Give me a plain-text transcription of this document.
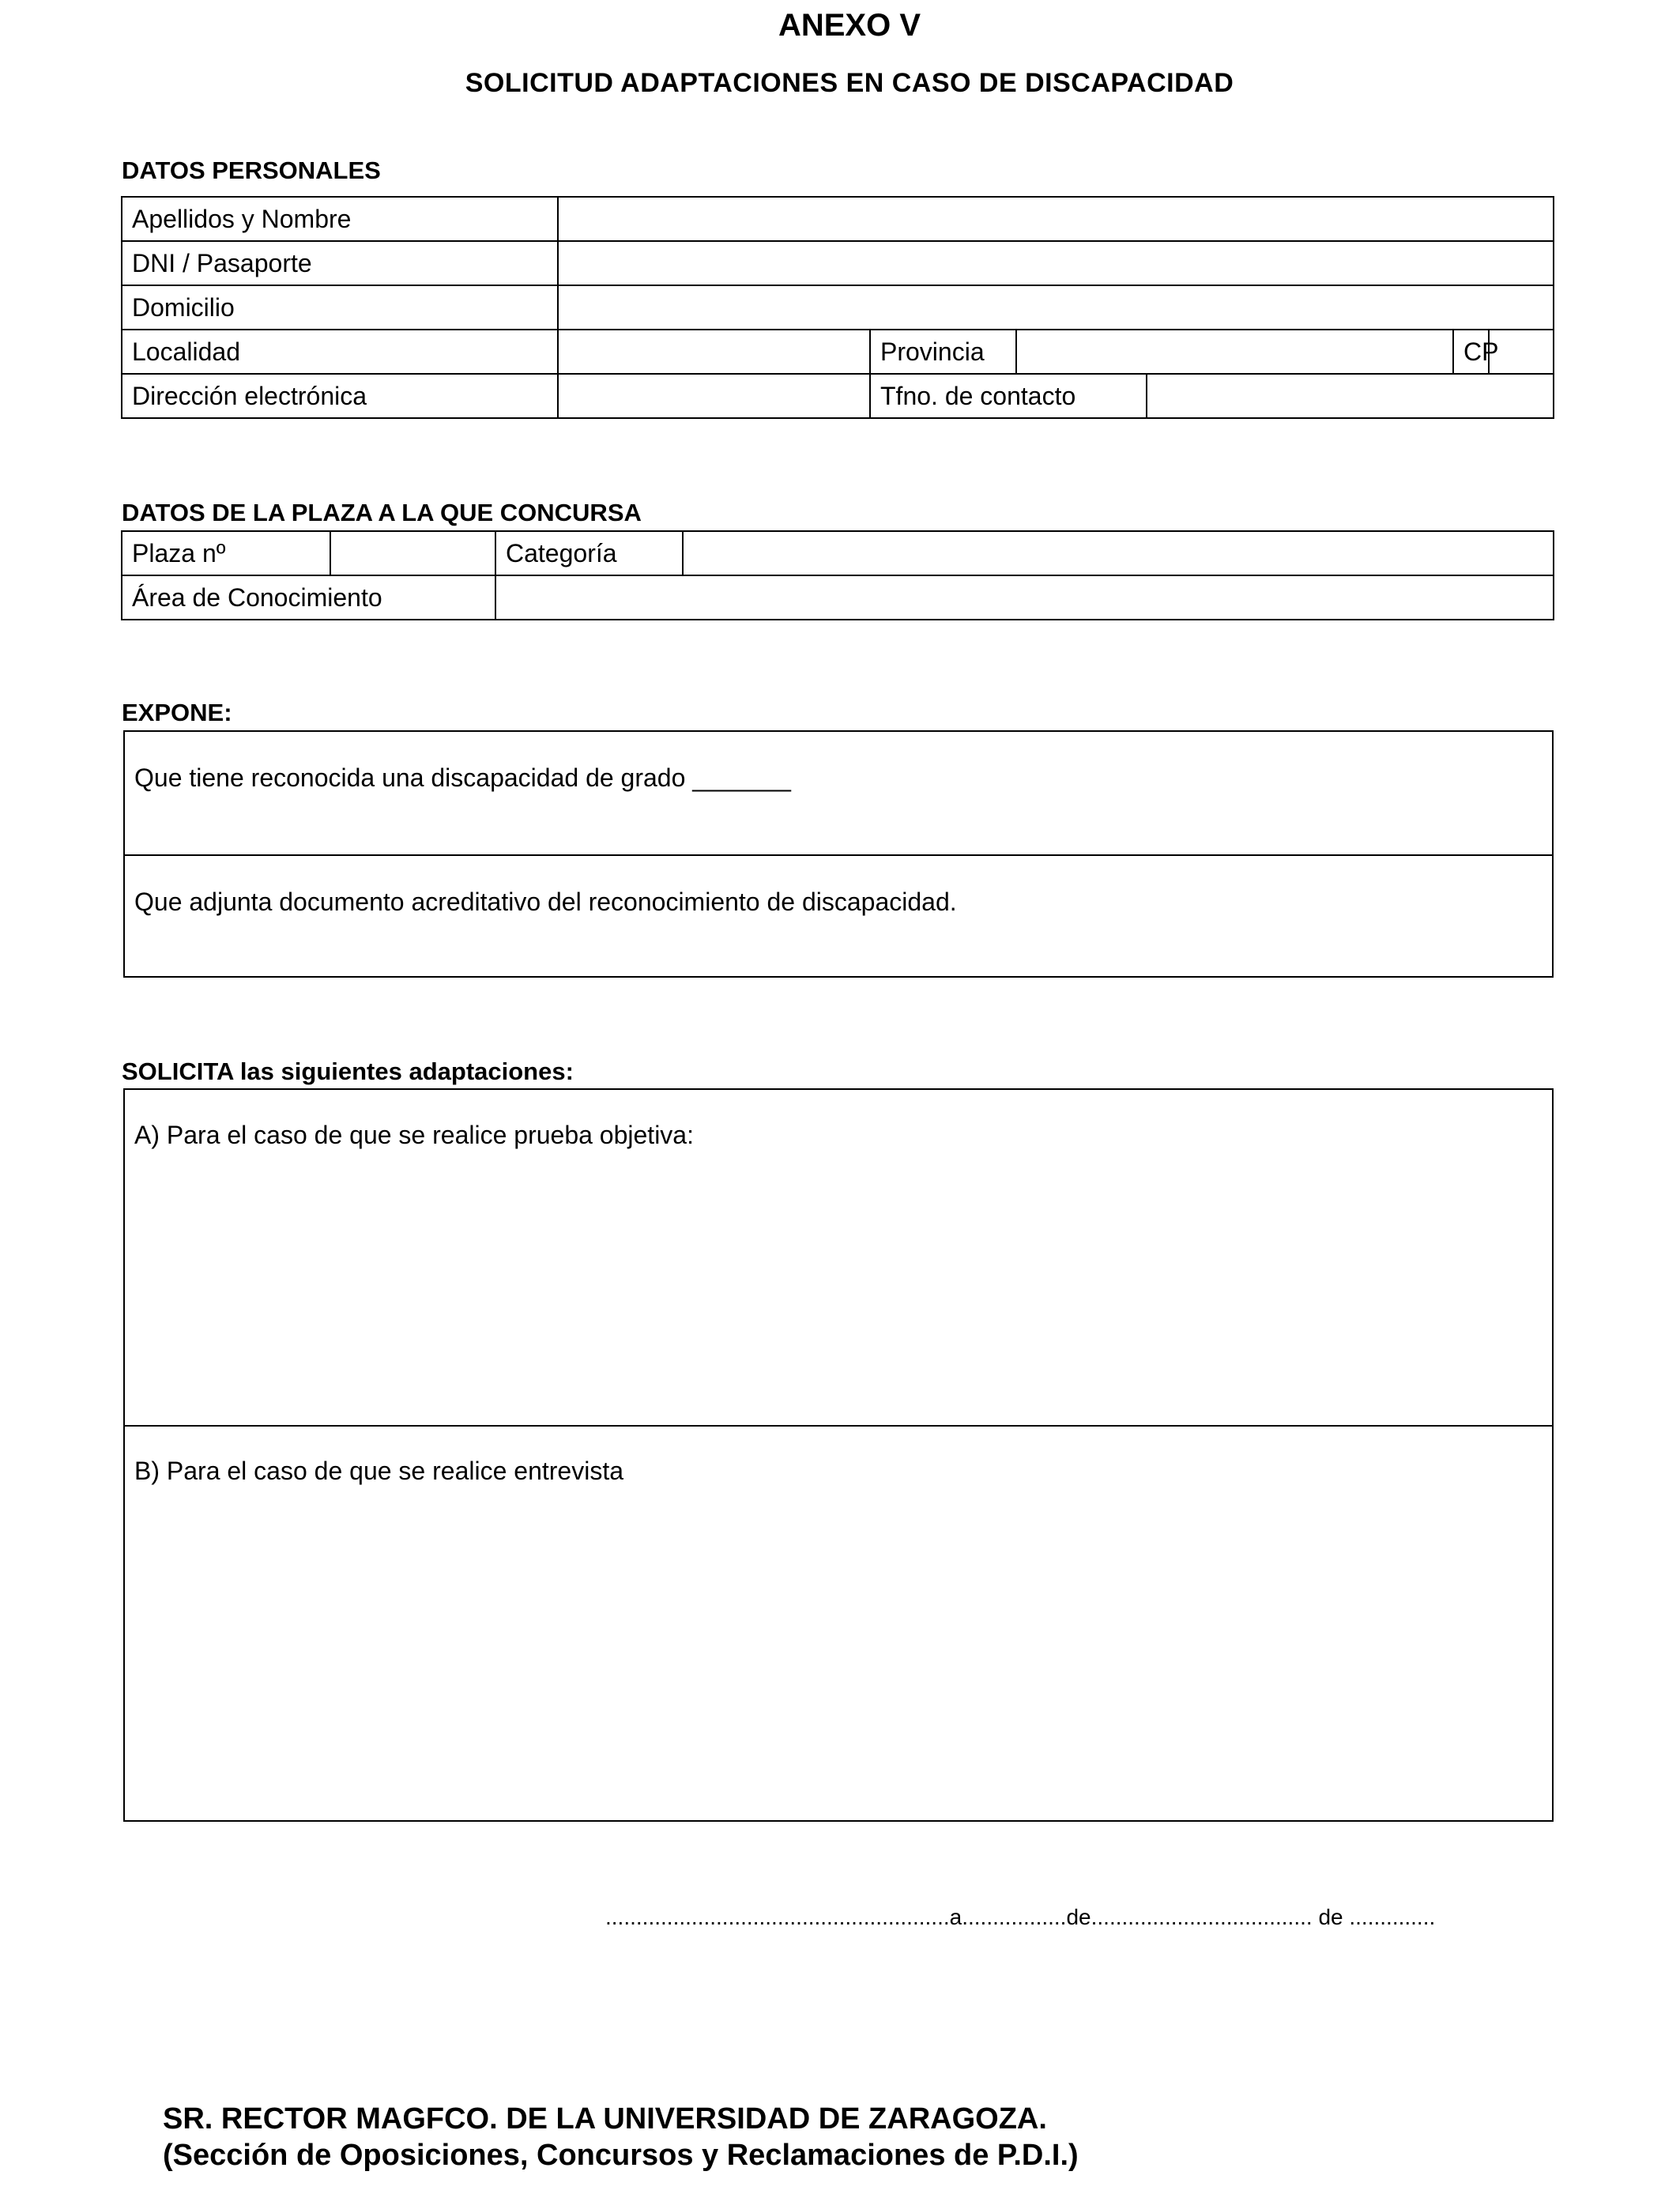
ANEXO V
SOLICITUD ADAPTACIONES EN CASO DE DISCAPACIDAD
DATOS PERSONALES
Apellidos y Nombre						
DNI / Pasaporte						
Domicilio						
Localidad		Provincia			CP	
Dirección electrónica		Tfno. de contacto				
DATOS DE LA PLAZA A LA QUE CONCURSA
Plaza nº		Categoría	
Área de Conocimiento			
EXPONE:
Que tiene reconocida una discapacidad de grado _______
Que adjunta documento acreditativo del reconocimiento de discapacidad.
SOLICITA las siguientes adaptaciones:
A) Para el caso de que se realice prueba objetiva:
B) Para el caso de que se realice entrevista
........................................................a.................de.................................... de ..............

SR. RECTOR MAGFCO. DE LA UNIVERSIDAD DE ZARAGOZA.

(Sección de Oposiciones, Concursos y Reclamaciones de P.D.I.)
